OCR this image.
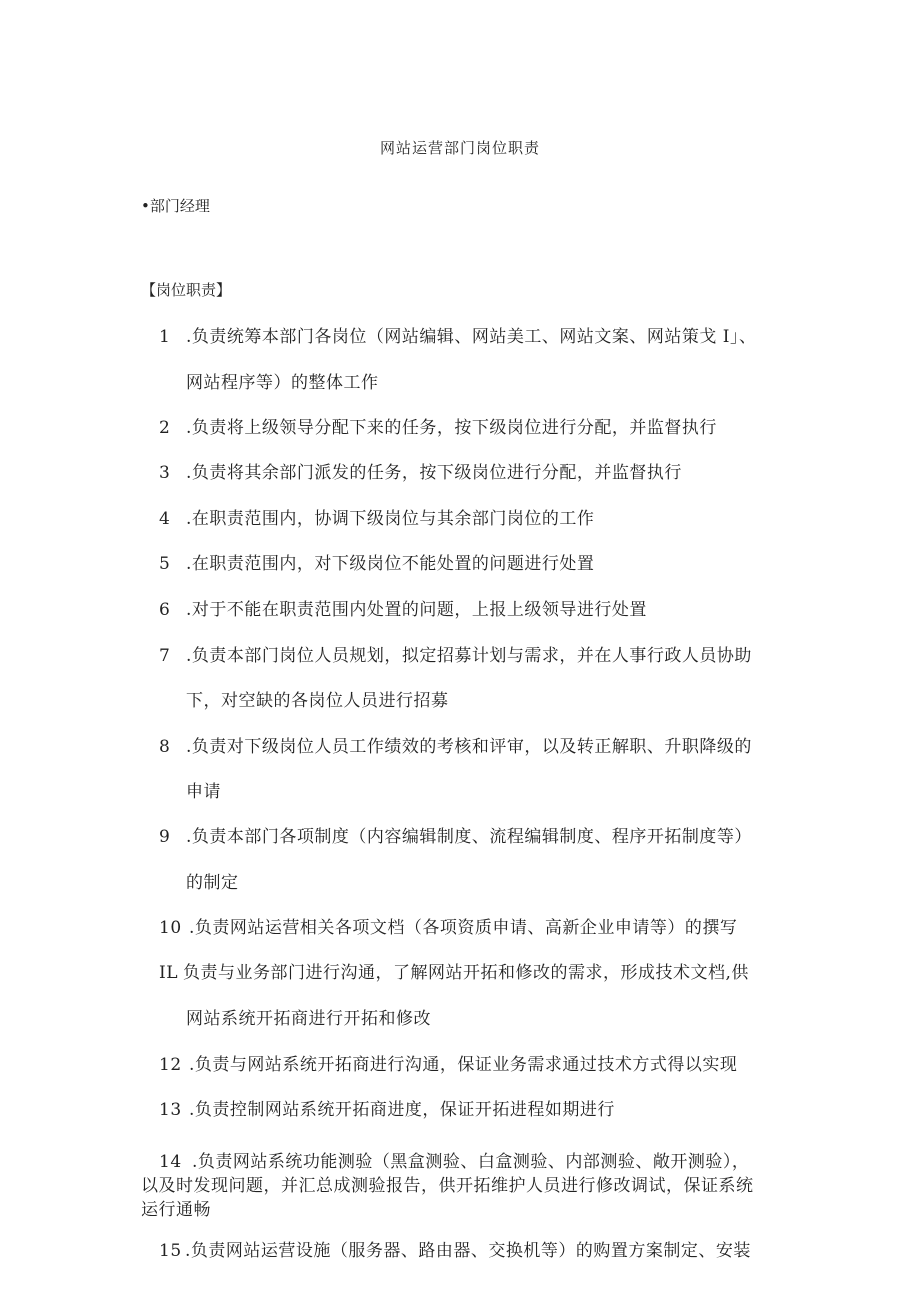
网站运营部门岗位职责
•部门经理
【岗位职责】
1 .负责统筹本部门各岗位（网站编辑、网站美工、网站文案、网站策戈 I」、
网站程序等）的整体工作
2 .负责将上级领导分配下来的任务，按下级岗位进行分配，并监督执行
3 .负责将其余部门派发的任务，按下级岗位进行分配，并监督执行
4 .在职责范围内，协调下级岗位与其余部门岗位的工作
5 .在职责范围内，对下级岗位不能处置的问题进行处置
6 .对于不能在职责范围内处置的问题，上报上级领导进行处置
7 .负责本部门岗位人员规划，拟定招募计划与需求，并在人事行政人员协助
下，对空缺的各岗位人员进行招募
8 .负责对下级岗位人员工作绩效的考核和评审，以及转正解职、升职降级的
申请
9 .负责本部门各项制度（内容编辑制度、流程编辑制度、程序开拓制度等）
的制定
10 .负责网站运营相关各项文档（各项资质申请、高新企业申请等）的撰写
IL 负责与业务部门进行沟通，了解网站开拓和修改的需求，形成技术文档,供
网站系统开拓商进行开拓和修改
12 .负责与网站系统开拓商进行沟通，保证业务需求通过技术方式得以实现
13 .负责控制网站系统开拓商进度，保证开拓进程如期进行
14 .负责网站系统功能测验（黑盒测验、白盒测验、内部测验、敞开测验），
以及时发现问题，并汇总成测验报告，供开拓维护人员进行修改调试，保证系统
运行通畅
15 .负责网站运营设施（服务器、路由器、交换机等）的购置方案制定、安装
